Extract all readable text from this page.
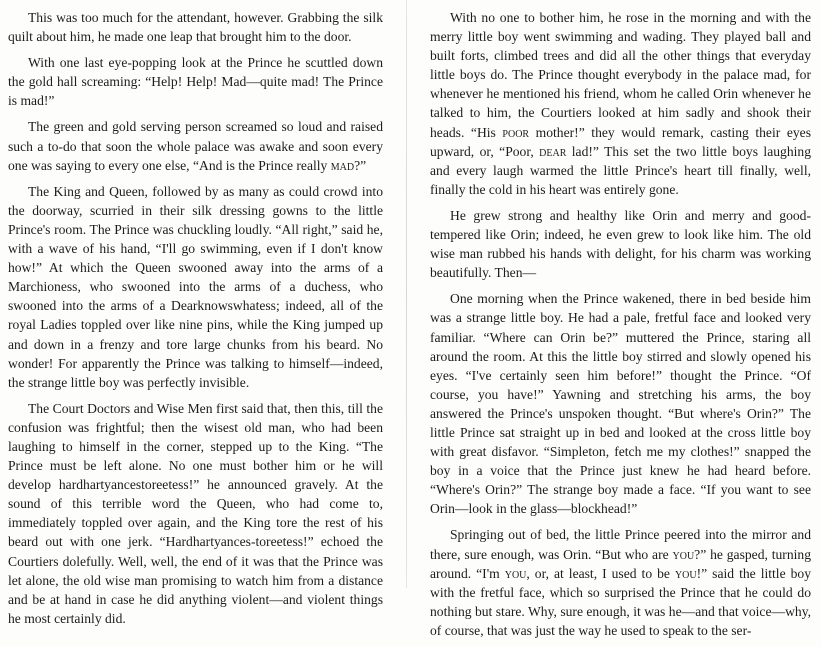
This was too much for the attendant, however. Grabbing the silk quilt about him, he made one leap that brought him to the door.

With one last eye-popping look at the Prince he scuttled down the gold hall screaming: “Help! Help! Mad—quite mad! The Prince is mad!”

The green and gold serving person screamed so loud and raised such a to-do that soon the whole palace was awake and soon every one was saying to every one else, “And is the Prince really mad?”

The King and Queen, followed by as many as could crowd into the doorway, scurried in their silk dressing gowns to the little Prince's room. The Prince was chuckling loudly. “All right,” said he, with a wave of his hand, “I'll go swimming, even if I don't know how!” At which the Queen swooned away into the arms of a Marchioness, who swooned into the arms of a duchess, who swooned into the arms of a Dearknowswhatess; indeed, all of the royal Ladies toppled over like nine pins, while the King jumped up and down in a frenzy and tore large chunks from his beard. No wonder! For apparently the Prince was talking to himself—indeed, the strange little boy was perfectly invisible.

The Court Doctors and Wise Men first said that, then this, till the confusion was frightful; then the wisest old man, who had been laughing to himself in the corner, stepped up to the King. “The Prince must be left alone. No one must bother him or he will develop hardhartyancestoreetess!” he announced gravely. At the sound of this terrible word the Queen, who had come to, immediately toppled over again, and the King tore the rest of his beard out with one jerk. “Hardhartyances-toreetess!” echoed the Courtiers dolefully. Well, well, the end of it was that the Prince was let alone, the old wise man promising to watch him from a distance and be at hand in case he did anything violent—and violent things he most certainly did.

With no one to bother him, he rose in the morning and with the merry little boy went swimming and wading. They played ball and built forts, climbed trees and did all the other things that everyday little boys do. The Prince thought everybody in the palace mad, for whenever he mentioned his friend, whom he called Orin whenever he talked to him, the Courtiers looked at him sadly and shook their heads. “His poor mother!” they would remark, casting their eyes upward, or, “Poor, dear lad!” This set the two little boys laughing and every laugh warmed the little Prince's heart till finally, well, finally the cold in his heart was entirely gone.

He grew strong and healthy like Orin and merry and good-tempered like Orin; indeed, he even grew to look like him. The old wise man rubbed his hands with delight, for his charm was working beautifully. Then—

One morning when the Prince wakened, there in bed beside him was a strange little boy. He had a pale, fretful face and looked very familiar. “Where can Orin be?” muttered the Prince, staring all around the room. At this the little boy stirred and slowly opened his eyes. “I've certainly seen him before!” thought the Prince. “Of course, you have!” Yawning and stretching his arms, the boy answered the Prince's unspoken thought. “But where's Orin?” The little Prince sat straight up in bed and looked at the cross little boy with great disfavor. “Simpleton, fetch me my clothes!” snapped the boy in a voice that the Prince just knew he had heard before. “Where's Orin?” The strange boy made a face. “If you want to see Orin—look in the glass—blockhead!”

Springing out of bed, the little Prince peered into the mirror and there, sure enough, was Orin. “But who are you?” he gasped, turning around. “I'm you, or, at least, I used to be you!” said the little boy with the fretful face, which so surprised the Prince that he could do nothing but stare. Why, sure enough, it was he—and that voice—why, of course, that was just the way he used to speak to the ser-
